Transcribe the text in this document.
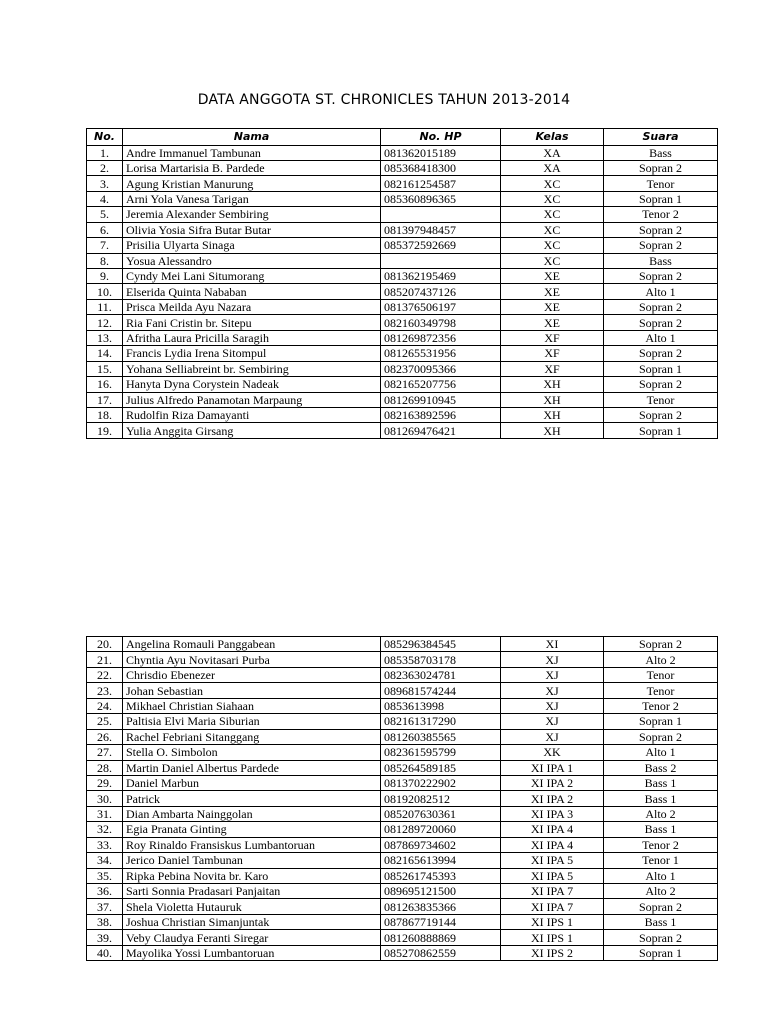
DATA ANGGOTA ST. CHRONICLES TAHUN 2013-2014
No.	Nama	No. HP	Kelas	Suara
1.	Andre Immanuel Tambunan	081362015189	XA	Bass
2.	Lorisa Martarisia B. Pardede	085368418300	XA	Sopran 2
3.	Agung Kristian Manurung	082161254587	XC	Tenor
4.	Arni Yola Vanesa Tarigan	085360896365	XC	Sopran 1
5.	Jeremia Alexander Sembiring		XC	Tenor 2
6.	Olivia Yosia Sifra Butar Butar	081397948457	XC	Sopran 2
7.	Prisilia Ulyarta Sinaga	085372592669	XC	Sopran 2
8.	Yosua Alessandro		XC	Bass
9.	Cyndy Mei Lani Situmorang	081362195469	XE	Sopran 2
10.	Elserida Quinta Nababan	085207437126	XE	Alto 1
11.	Prisca Meilda Ayu Nazara	081376506197	XE	Sopran 2
12.	Ria Fani Cristin br. Sitepu	082160349798	XE	Sopran 2
13.	Afritha Laura Pricilla Saragih	081269872356	XF	Alto 1
14.	Francis Lydia Irena Sitompul	081265531956	XF	Sopran 2
15.	Yohana Selliabreint br. Sembiring	082370095366	XF	Sopran 1
16.	Hanyta Dyna Corystein Nadeak	082165207756	XH	Sopran 2
17.	Julius Alfredo Panamotan Marpaung	081269910945	XH	Tenor
18.	Rudolfin Riza Damayanti	082163892596	XH	Sopran 2
19.	Yulia Anggita Girsang	081269476421	XH	Sopran 1
20.	Angelina Romauli Panggabean	085296384545	XI	Sopran 2
21.	Chyntia Ayu Novitasari Purba	085358703178	XJ	Alto 2
22.	Chrisdio Ebenezer	082363024781	XJ	Tenor
23.	Johan Sebastian	089681574244	XJ	Tenor
24.	Mikhael Christian Siahaan	0853613998	XJ	Tenor 2
25.	Paltisia Elvi Maria Siburian	082161317290	XJ	Sopran 1
26.	Rachel Febriani Sitanggang	081260385565	XJ	Sopran 2
27.	Stella O. Simbolon	082361595799	XK	Alto 1
28.	Martin Daniel Albertus Pardede	085264589185	XI IPA 1	Bass 2
29.	Daniel Marbun	081370222902	XI IPA 2	Bass 1
30.	Patrick	08192082512	XI IPA 2	Bass 1
31.	Dian Ambarta Nainggolan	085207630361	XI IPA 3	Alto 2
32.	Egia Pranata Ginting	081289720060	XI IPA 4	Bass 1
33.	Roy Rinaldo Fransiskus Lumbantoruan	087869734602	XI IPA 4	Tenor 2
34.	Jerico Daniel Tambunan	082165613994	XI IPA 5	Tenor 1
35.	Ripka Pebina Novita br. Karo	085261745393	XI IPA 5	Alto 1
36.	Sarti Sonnia Pradasari Panjaitan	089695121500	XI IPA 7	Alto 2
37.	Shela Violetta Hutauruk	081263835366	XI IPA 7	Sopran 2
38.	Joshua Christian Simanjuntak	087867719144	XI IPS 1	Bass 1
39.	Veby Claudya Feranti Siregar	081260888869	XI IPS 1	Sopran 2
40.	Mayolika Yossi Lumbantoruan	085270862559	XI IPS 2	Sopran 1
